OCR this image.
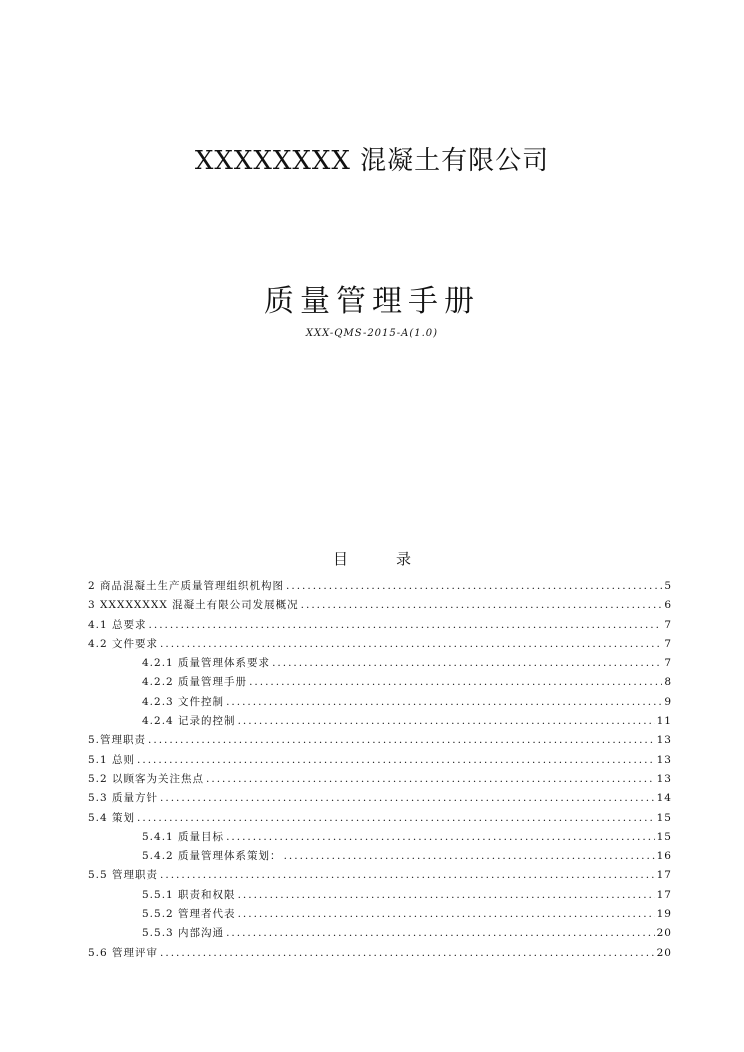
XXXXXXXX 混凝土有限公司
质量管理手册
XXX-QMS-2015-A(1.0)
目	录
2 商品混凝土生产质量管理组织机构图 .....	5
3 XXXXXXXX 混凝土有限公司发展概况 .....	6
4.1 总要求 .....	7
4.2 文件要求 .....	7
4.2.1 质量管理体系要求 .....	7
4.2.2 质量管理手册 .....	8
4.2.3 文件控制 .....	9
4.2.4 记录的控制 .....	11
5.管理职责 .....	13
5.1 总则 .....	13
5.2 以顾客为关注焦点 .....	13
5.3 质量方针 .....	14
5.4 策划 .....	15
5.4.1 质量目标 .....	15
5.4.2 质量管理体系策划： .....	16
5.5 管理职责 .....	17
5.5.1 职责和权限 .....	17
5.5.2 管理者代表 .....	19
5.5.3 内部沟通 .....	20
5.6 管理评审 .....	20
